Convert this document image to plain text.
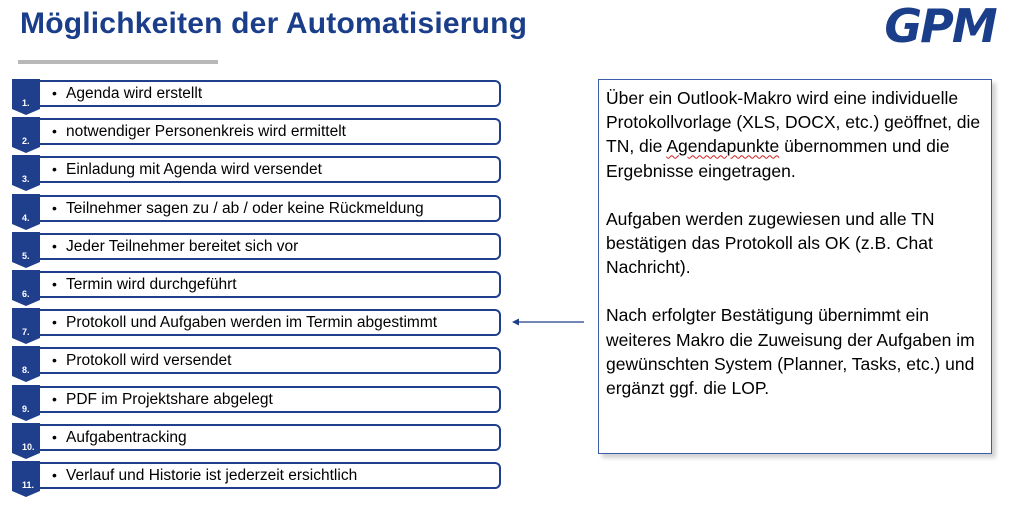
Möglichkeiten der Automatisierung	GPM
1.
• Agenda wird erstellt
2.
• notwendiger Personenkreis wird ermittelt
3.
• Einladung mit Agenda wird versendet
4.
• Teilnehmer sagen zu / ab / oder keine Rückmeldung
5.
• Jeder Teilnehmer bereitet sich vor
6.
• Termin wird durchgeführt
7.
• Protokoll und Aufgaben werden im Termin abgestimmt
8.
• Protokoll wird versendet
9.
• PDF im Projektshare abgelegt
10.
• Aufgabentracking
11.
• Verlauf und Historie ist jederzeit ersichtlich

Über ein Outlook-Makro wird eine individuelle Protokollvorlage (XLS, DOCX, etc.) geöffnet, die TN, die Agendapunkte übernommen und die Ergebnisse eingetragen.

Aufgaben werden zugewiesen und alle TN bestätigen das Protokoll als OK (z.B. Chat Nachricht).

Nach erfolgter Bestätigung übernimmt ein weiteres Makro die Zuweisung der Aufgaben im gewünschten System (Planner, Tasks, etc.) und ergänzt ggf. die LOP.
